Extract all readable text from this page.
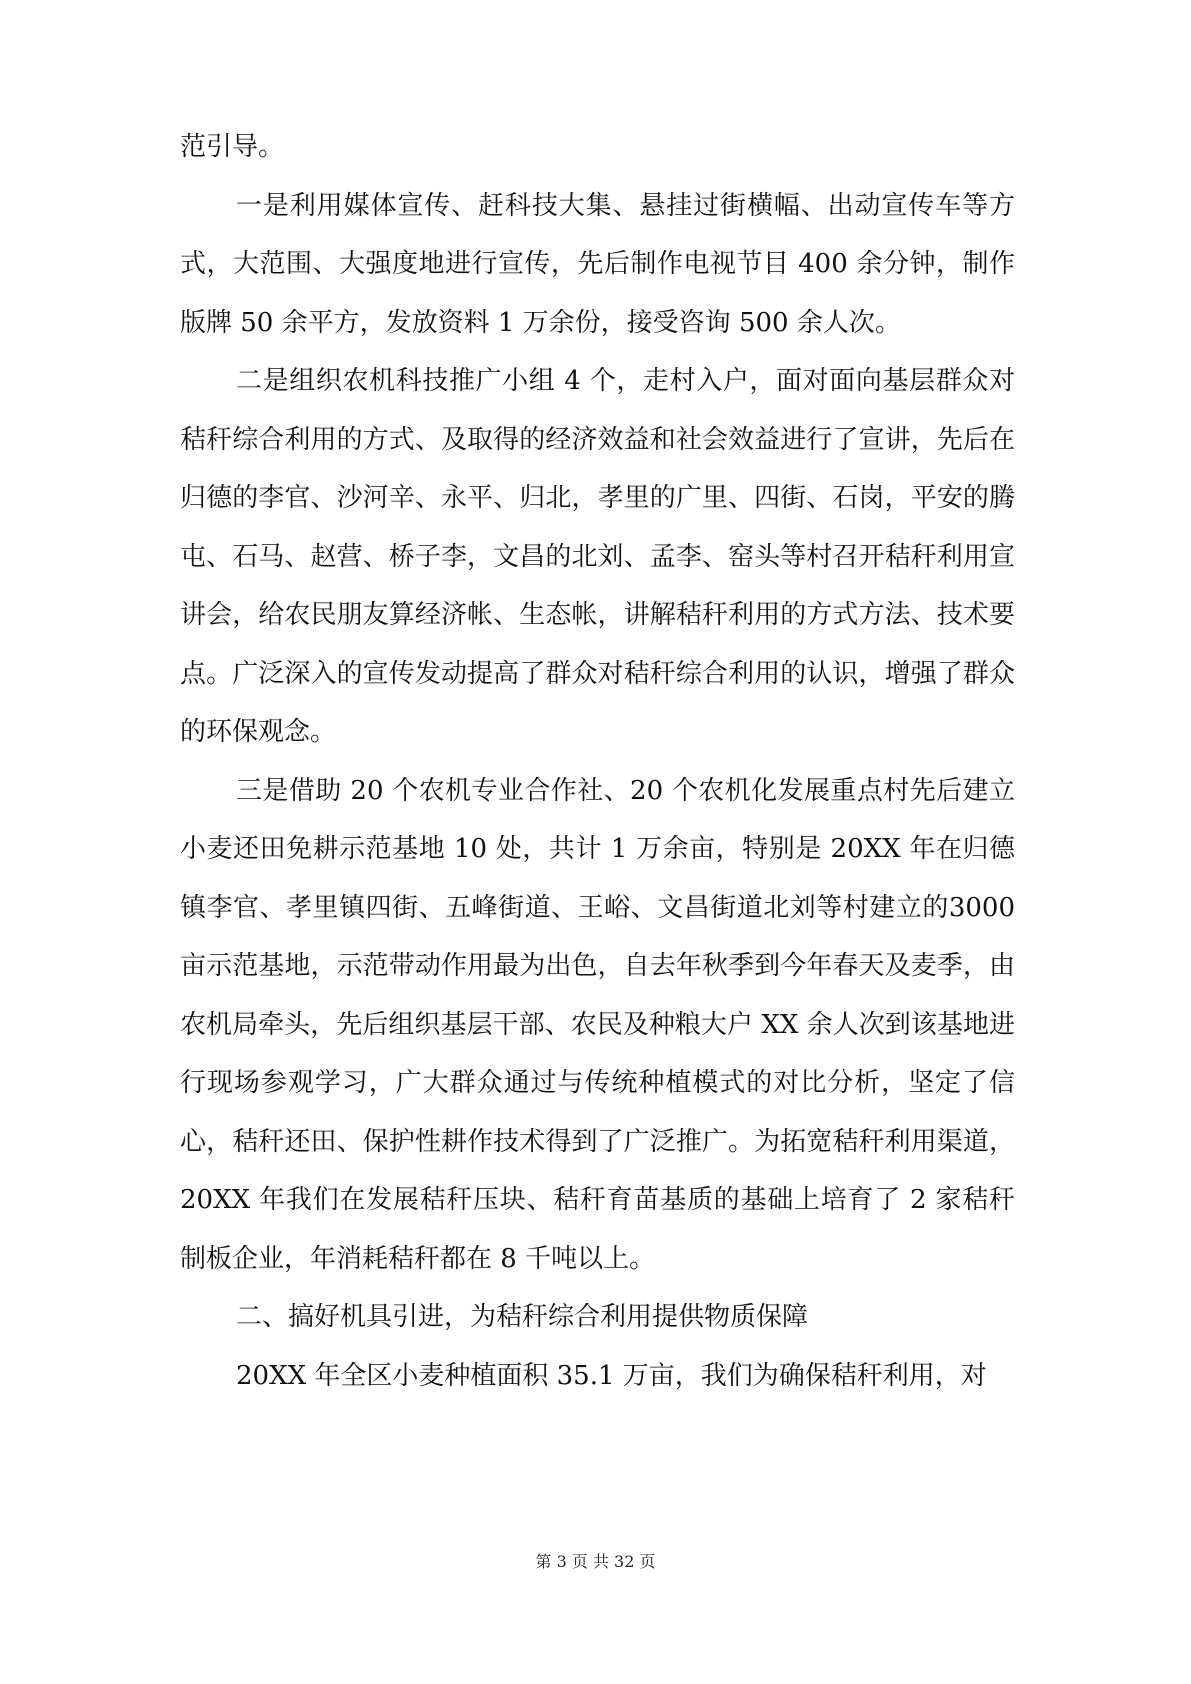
范引导。

一是利用媒体宣传、赶科技大集、悬挂过街横幅、出动宣传车等方式，大范围、大强度地进行宣传，先后制作电视节目 400 余分钟，制作版牌 50 余平方，发放资料 1 万余份，接受咨询 500 余人次。

二是组织农机科技推广小组 4 个，走村入户，面对面向基层群众对秸秆综合利用的方式、及取得的经济效益和社会效益进行了宣讲，先后在归德的李官、沙河辛、永平、归北，孝里的广里、四街、石岗，平安的腾屯、石马、赵营、桥子李，文昌的北刘、孟李、窑头等村召开秸秆利用宣讲会，给农民朋友算经济帐、生态帐，讲解秸秆利用的方式方法、技术要点。广泛深入的宣传发动提高了群众对秸秆综合利用的认识，增强了群众的环保观念。

三是借助 20 个农机专业合作社、20 个农机化发展重点村先后建立小麦还田免耕示范基地 10 处，共计 1 万余亩，特别是 20XX 年在归德镇李官、孝里镇四街、五峰街道、王峪、文昌街道北刘等村建立的3000 亩示范基地，示范带动作用最为出色，自去年秋季到今年春天及麦季，由农机局牵头，先后组织基层干部、农民及种粮大户 XX 余人次到该基地进行现场参观学习，广大群众通过与传统种植模式的对比分析，坚定了信心，秸秆还田、保护性耕作技术得到了广泛推广。为拓宽秸秆利用渠道，20XX 年我们在发展秸秆压块、秸秆育苗基质的基础上培育了 2 家秸秆制板企业，年消耗秸秆都在 8 千吨以上。

二、搞好机具引进，为秸秆综合利用提供物质保障

20XX 年全区小麦种植面积 35.1 万亩，我们为确保秸秆利用，对

第 3 页 共 32 页
